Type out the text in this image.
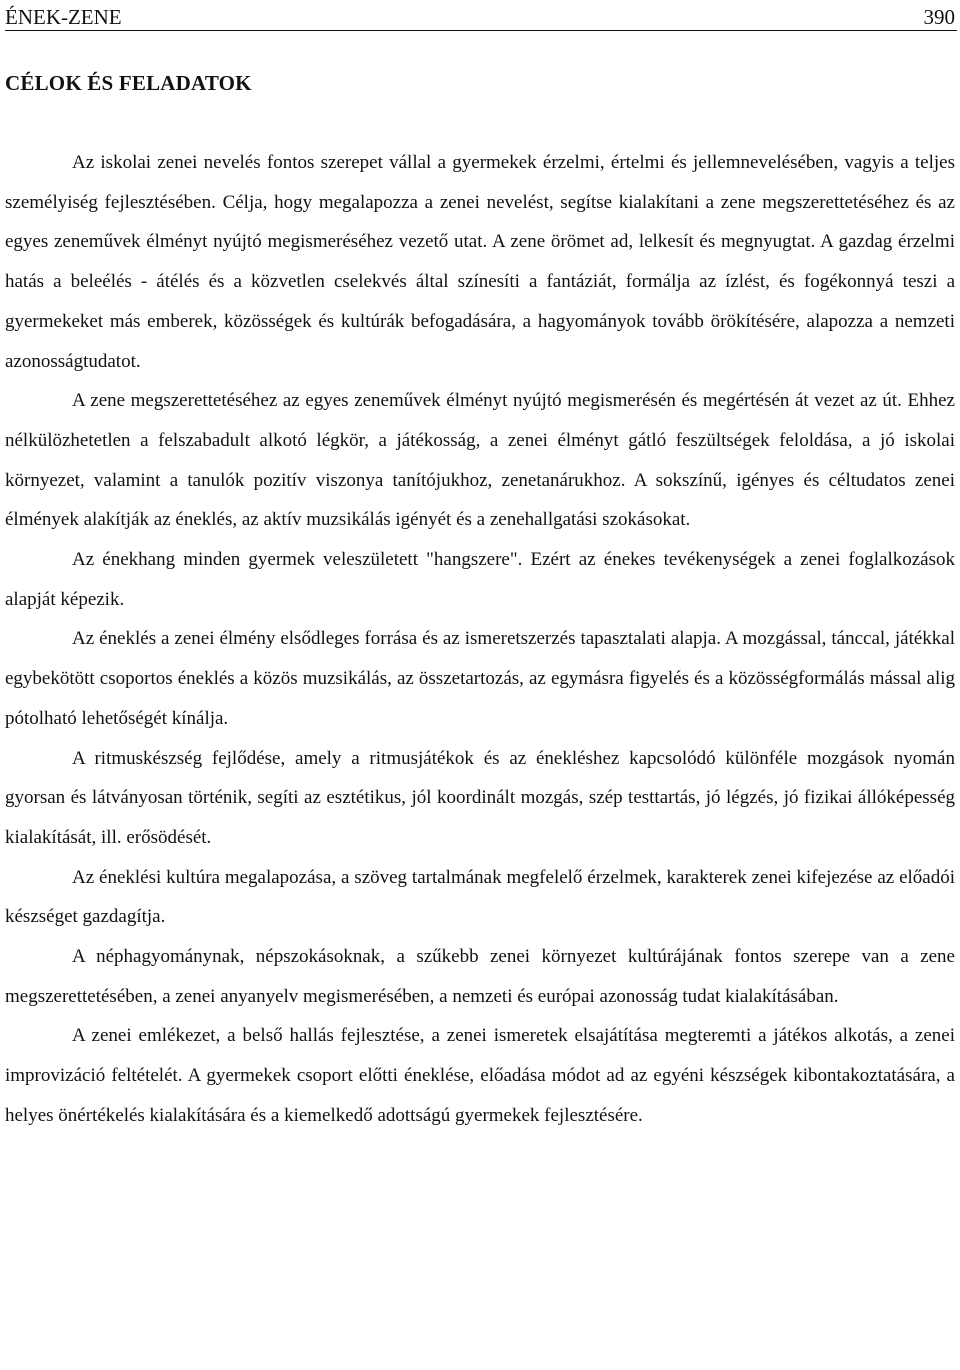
ÉNEK-ZENE	390
CÉLOK ÉS FELADATOK

Az iskolai zenei nevelés fontos szerepet vállal a gyermekek érzelmi, értelmi és jellemnevelésében, vagyis a teljes személyiség fejlesztésében. Célja, hogy megalapozza a zenei nevelést, segítse kialakítani a zene megszerettetéséhez és az egyes zeneművek élményt nyújtó megismeréséhez vezető utat. A zene örömet ad, lelkesít és megnyugtat. A gazdag érzelmi hatás a beleélés - átélés és a közvetlen cselekvés által színesíti a fantáziát, formálja az ízlést, és fogékonnyá teszi a gyermekeket más emberek, közösségek és kultúrák befogadására, a hagyományok tovább örökítésére, alapozza a nemzeti azonosságtudatot.

A zene megszerettetéséhez az egyes zeneművek élményt nyújtó megismerésén és megértésén át vezet az út. Ehhez nélkülözhetetlen a felszabadult alkotó légkör, a játékosság, a zenei élményt gátló feszültségek feloldása, a jó iskolai környezet, valamint a tanulók pozitív viszonya tanítójukhoz, zenetanárukhoz. A sokszínű, igényes és céltudatos zenei élmények alakítják az éneklés, az aktív muzsikálás igényét és a zenehallgatási szokásokat.

Az énekhang minden gyermek veleszületett "hangszere". Ezért az énekes tevékenységek a zenei foglalkozások alapját képezik.

Az éneklés a zenei élmény elsődleges forrása és az ismeretszerzés tapasztalati alapja. A mozgással, tánccal, játékkal egybekötött csoportos éneklés a közös muzsikálás, az összetartozás, az egymásra figyelés és a közösségformálás mással alig pótolható lehetőségét kínálja.

A ritmuskészség fejlődése, amely a ritmusjátékok és az énekléshez kapcsolódó különféle mozgások nyomán gyorsan és látványosan történik, segíti az esztétikus, jól koordinált mozgás, szép testtartás, jó légzés, jó fizikai állóképesség kialakítását, ill. erősödését.

Az éneklési kultúra megalapozása, a szöveg tartalmának megfelelő érzelmek, karakterek zenei kifejezése az előadói készséget gazdagítja.

A néphagyománynak, népszokásoknak, a szűkebb zenei környezet kultúrájának fontos szerepe van a zene megszerettetésében, a zenei anyanyelv megismerésében, a nemzeti és európai azonosság tudat kialakításában.

A zenei emlékezet, a belső hallás fejlesztése, a zenei ismeretek elsajátítása megteremti a játékos alkotás, a zenei improvizáció feltételét. A gyermekek csoport előtti éneklése, előadása módot ad az egyéni készségek kibontakoztatására, a helyes önértékelés kialakítására és a kiemelkedő adottságú gyermekek fejlesztésére.
